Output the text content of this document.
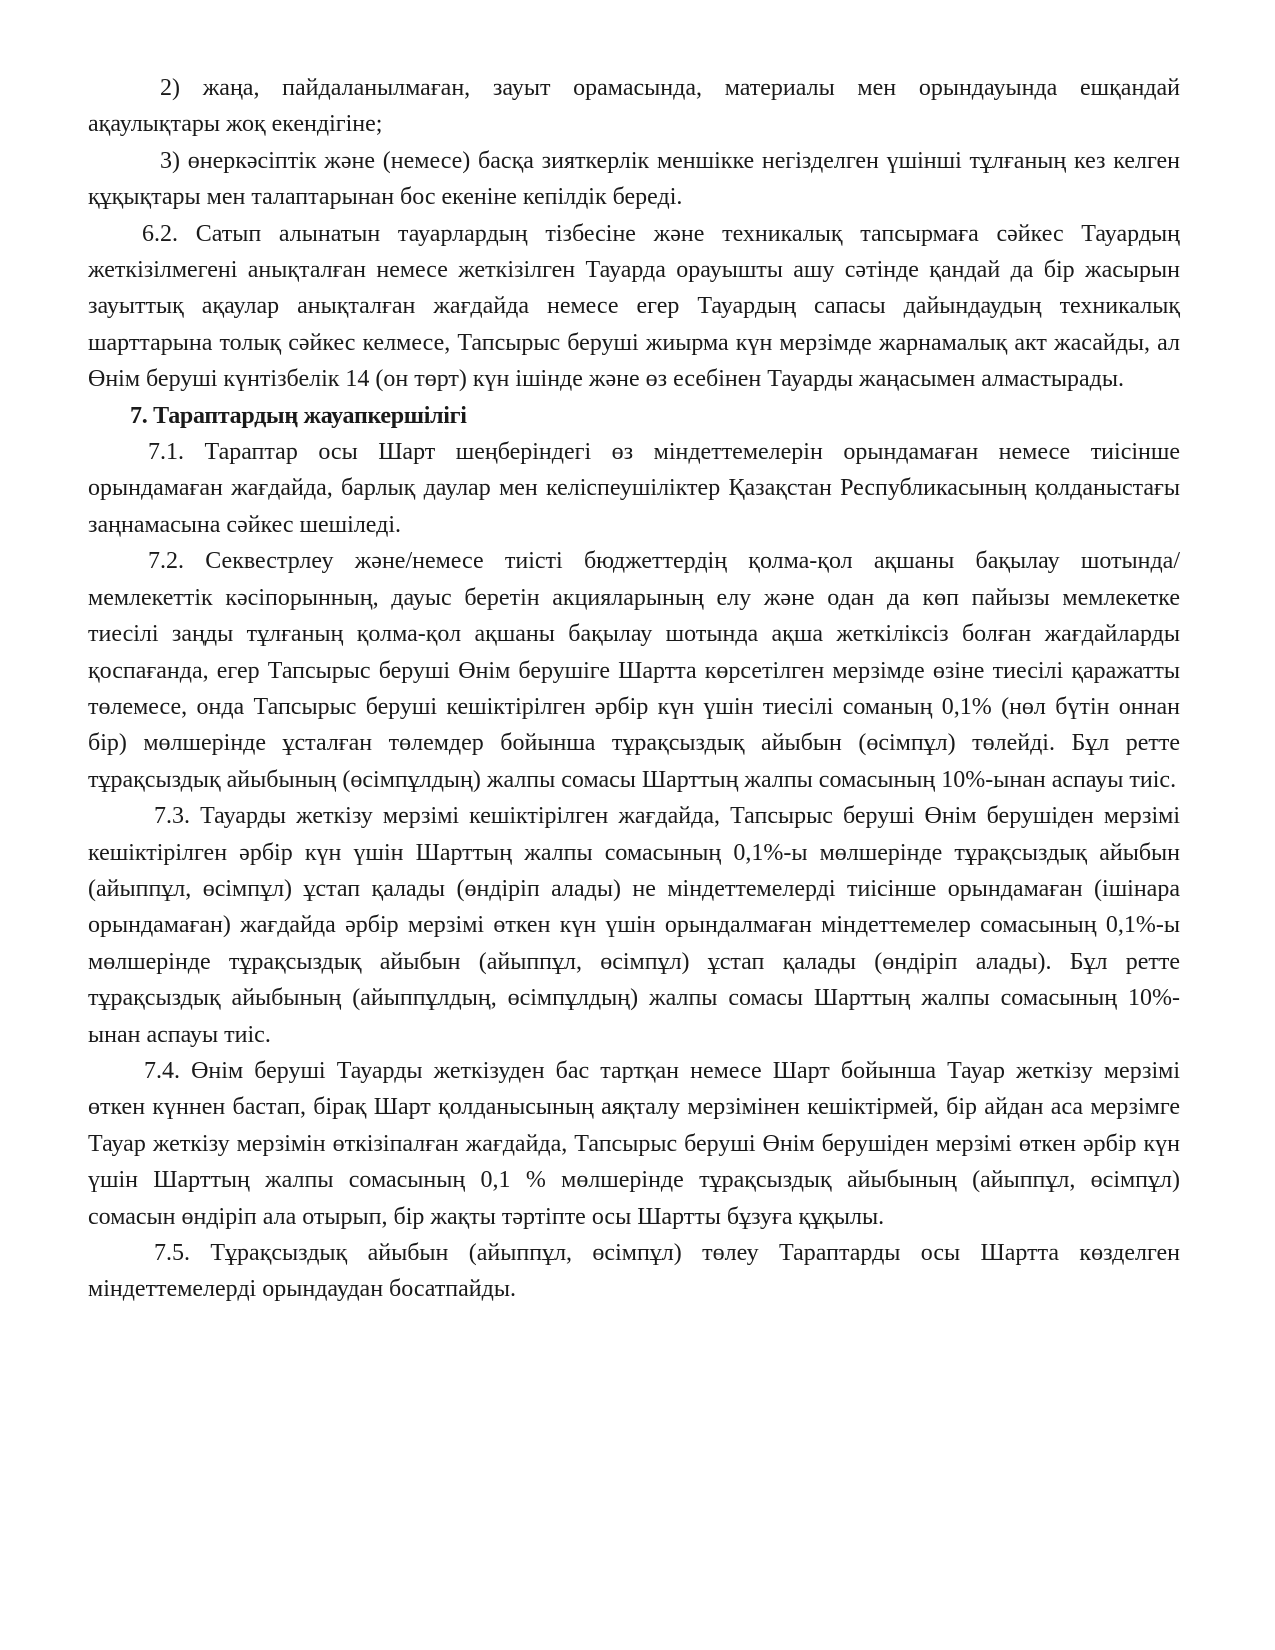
2) жаңа, пайдаланылмаған, зауыт орамасында, материалы мен орындауында ешқандай ақаулықтары жоқ екендігіне;

3) өнеркәсіптік және (немесе) басқа зияткерлік меншікке негізделген үшінші тұлғаның кез келген құқықтары мен талаптарынан бос екеніне кепілдік береді.

6.2. Сатып алынатын тауарлардың тізбесіне және техникалық тапсырмаға сәйкес Тауардың жеткізілмегені анықталған немесе жеткізілген Тауарда орауышты ашу сәтінде қандай да бір жасырын зауыттық ақаулар анықталған жағдайда немесе егер Тауардың сапасы дайындаудың техникалық шарттарына толық сәйкес келмесе, Тапсырыс беруші жиырма күн мерзімде жарнамалық акт жасайды, ал Өнім беруші күнтізбелік 14 (он төрт) күн ішінде және өз есебінен Тауарды жаңасымен алмастырады.

7. Тараптардың жауапкершілігі

7.1. Тараптар осы Шарт шеңберіндегі өз міндеттемелерін орындамаған немесе тиісінше орындамаған жағдайда, барлық даулар мен келіспеушіліктер Қазақстан Республикасының қолданыстағы заңнамасына сәйкес шешіледі.

7.2. Секвестрлеу және/немесе тиісті бюджеттердің қолма-қол ақшаны бақылау шотында/мемлекеттік кәсіпорынның, дауыс беретін акцияларының елу және одан да көп пайызы мемлекетке тиесілі заңды тұлғаның қолма-қол ақшаны бақылау шотында ақша жеткіліксіз болған жағдайларды қоспағанда, егер Тапсырыс беруші Өнім берушіге Шартта көрсетілген мерзімде өзіне тиесілі қаражатты төлемесе, онда Тапсырыс беруші кешіктірілген әрбір күн үшін тиесілі соманың 0,1% (нөл бүтін оннан бір) мөлшерінде ұсталған төлемдер бойынша тұрақсыздық айыбын (өсімпұл) төлейді. Бұл ретте тұрақсыздық айыбының (өсімпұлдың) жалпы сомасы Шарттың жалпы сомасының 10%-ынан аспауы тиіс.

7.3. Тауарды жеткізу мерзімі кешіктірілген жағдайда, Тапсырыс беруші Өнім берушіден мерзімі кешіктірілген әрбір күн үшін Шарттың жалпы сомасының 0,1%-ы мөлшерінде тұрақсыздық айыбын (айыппұл, өсімпұл) ұстап қалады (өндіріп алады) не міндеттемелерді тиісінше орындамаған (ішінара орындамаған) жағдайда әрбір мерзімі өткен күн үшін орындалмаған міндеттемелер сомасының 0,1%-ы мөлшерінде тұрақсыздық айыбын (айыппұл, өсімпұл) ұстап қалады (өндіріп алады). Бұл ретте тұрақсыздық айыбының (айыппұлдың, өсімпұлдың) жалпы сомасы Шарттың жалпы сомасының 10%-ынан аспауы тиіс.

7.4. Өнім беруші Тауарды жеткізуден бас тартқан немесе Шарт бойынша Тауар жеткізу мерзімі өткен күннен бастап, бірақ Шарт қолданысының аяқталу мерзімінен кешіктірмей, бір айдан аса мерзімге Тауар жеткізу мерзімін өткізіпалған жағдайда, Тапсырыс беруші Өнім берушіден мерзімі өткен әрбір күн үшін Шарттың жалпы сомасының 0,1 % мөлшерінде тұрақсыздық айыбының (айыппұл, өсімпұл) сомасын өндіріп ала отырып, бір жақты тәртіпте осы Шартты бұзуға құқылы.

7.5. Тұрақсыздық айыбын (айыппұл, өсімпұл) төлеу Тараптарды осы Шартта көзделген міндеттемелерді орындаудан босатпайды.
